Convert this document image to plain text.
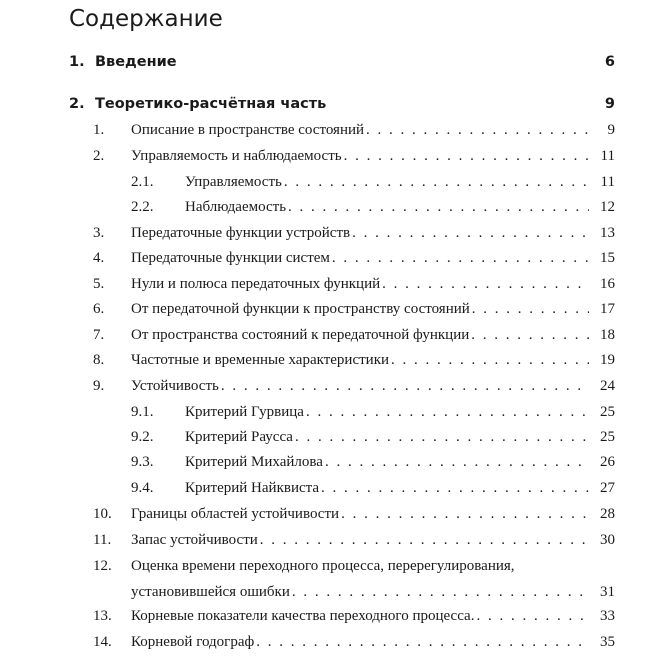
Содержание
1. Введение	6
2. Теоретико-расчётная часть	9
1. Описание в пространстве состояний . . .	9
2. Управляемость и наблюдаемость . . .	11
2.1. Управляемость . . .	11
2.2. Наблюдаемость . . .	12
3. Передаточные функции устройств . . .	13
4. Передаточные функции систем . . .	15
5. Нули и полюса передаточных функций . . .	16
6. От передаточной функции к пространству состояний . . .	17
7. От пространства состояний к передаточной функции . . .	18
8. Частотные и временные характеристики . . .	19
9. Устойчивость . . .	24
9.1. Критерий Гурвица . . .	25
9.2. Критерий Раусса . . .	25
9.3. Критерий Михайлова . . .	26
9.4. Критерий Найквиста . . .	27
10. Границы областей устойчивости . . .	28
11. Запас устойчивости . . .	30
12. Оценка времени переходного процесса, перерегулирования,
установившейся ошибки . . .	31
13. Корневые показатели качества переходного процесса. . . .	33
14. Корневой годограф . . .	35
